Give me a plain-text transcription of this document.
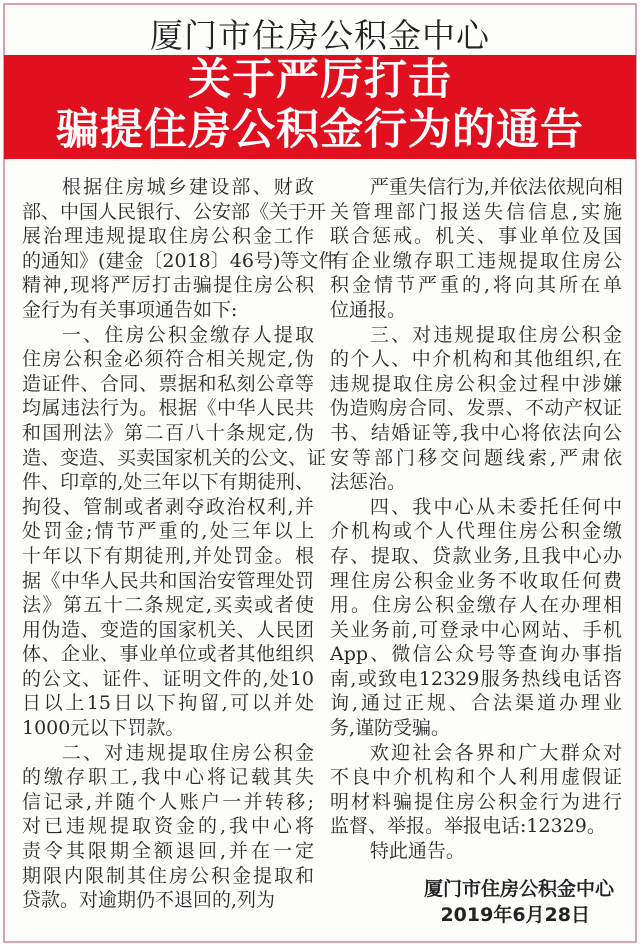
厦门市住房公积金中心
关于严厉打击
骗提住房公积金行为的通告
根据住房城乡建设部、财政
部、中国人民银行、公安部《关于开
展治理违规提取住房公积金工作
的通知》(建金〔2018〕46号)等文件
精神,现将严厉打击骗提住房公积
金行为有关事项通告如下:
一、住房公积金缴存人提取
住房公积金必须符合相关规定,伪
造证件、合同、票据和私刻公章等
均属违法行为。根据《中华人民共
和国刑法》第二百八十条规定,伪
造、变造、买卖国家机关的公文、证
件、印章的,处三年以下有期徒刑、
拘役、管制或者剥夺政治权利,并
处罚金;情节严重的,处三年以上
十年以下有期徒刑,并处罚金。根
据《中华人民共和国治安管理处罚
法》第五十二条规定,买卖或者使
用伪造、变造的国家机关、人民团
体、企业、事业单位或者其他组织
的公文、证件、证明文件的,处10
日以上15日以下拘留,可以并处
1000元以下罚款。
二、对违规提取住房公积金
的缴存职工,我中心将记载其失
信记录,并随个人账户一并转移;
对已违规提取资金的,我中心将
责令其限期全额退回,并在一定
期限内限制其住房公积金提取和
贷款。对逾期仍不退回的,列为
严重失信行为,并依法依规向相
关管理部门报送失信信息,实施
联合惩戒。机关、事业单位及国
有企业缴存职工违规提取住房公
积金情节严重的,将向其所在单
位通报。
三、对违规提取住房公积金
的个人、中介机构和其他组织,在
违规提取住房公积金过程中涉嫌
伪造购房合同、发票、不动产权证
书、结婚证等,我中心将依法向公
安等部门移交问题线索,严肃依
法惩治。
四、我中心从未委托任何中
介机构或个人代理住房公积金缴
存、提取、贷款业务,且我中心办
理住房公积金业务不收取任何费
用。住房公积金缴存人在办理相
关业务前,可登录中心网站、手机
App、微信公众号等查询办事指
南,或致电12329服务热线电话咨
询,通过正规、合法渠道办理业
务,谨防受骗。
欢迎社会各界和广大群众对
不良中介机构和个人利用虚假证
明材料骗提住房公积金行为进行
监督、举报。举报电话:12329。
特此通告。
厦门市住房公积金中心
2019年6月28日
